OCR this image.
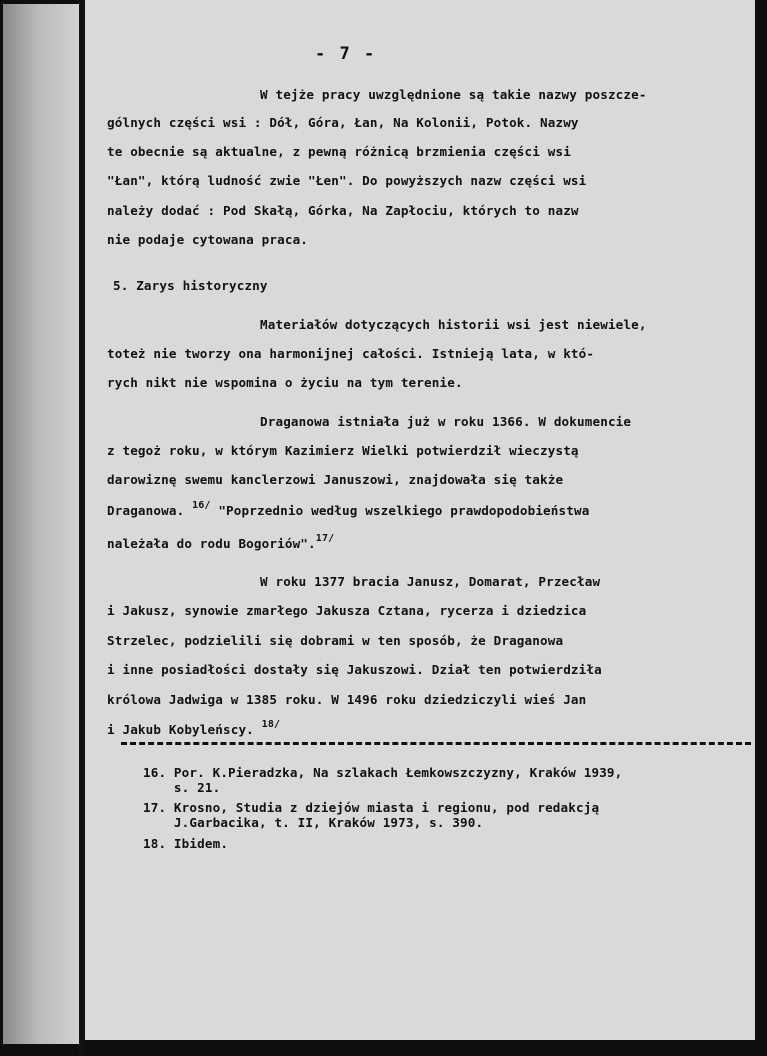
- 7 -
W tejże pracy uwzględnione są takie nazwy poszcze-
gólnych części wsi : Dół, Góra, Łan, Na Kolonii, Potok. Nazwy
te obecnie są aktualne, z pewną różnicą brzmienia części wsi
"Łan", którą ludność zwie "Łen". Do powyższych nazw części wsi
należy dodać : Pod Skałą, Górka, Na Zapłociu, których to nazw
nie podaje cytowana praca.
5. Zarys historyczny
Materiałów dotyczących historii wsi jest niewiele,
toteż nie tworzy ona harmonijnej całości. Istnieją lata, w któ-
rych nikt nie wspomina o życiu na tym terenie.
Draganowa istniała już w roku 1366. W dokumencie
z tegoż roku, w którym Kazimierz Wielki potwierdził wieczystą
darowiznę swemu kanclerzowi Januszowi, znajdowała się także
Draganowa. $^{16/}$ "Poprzednio według wszelkiego prawdopodobieństwa
należała do rodu Bogoriów".$^{17/}$
W roku 1377 bracia Janusz, Domarat, Przecław
i Jakusz, synowie zmarłego Jakusza Cztana, rycerza i dziedzica
Strzelec, podzielili się dobrami w ten sposób, że Draganowa
i inne posiadłości dostały się Jakuszowi. Dział ten potwierdziła
królowa Jadwiga w 1385 roku. W 1496 roku dziedziczyli wieś Jan
i Jakub Kobyleńscy. $^{18/}$
16. Por. K.Pieradzka, Na szlakach Łemkowszczyzny, Kraków 1939,
s. 21.
17. Krosno, Studia z dziejów miasta i regionu, pod redakcją
J.Garbacika, t. II, Kraków 1973, s. 390.
18. Ibidem.
